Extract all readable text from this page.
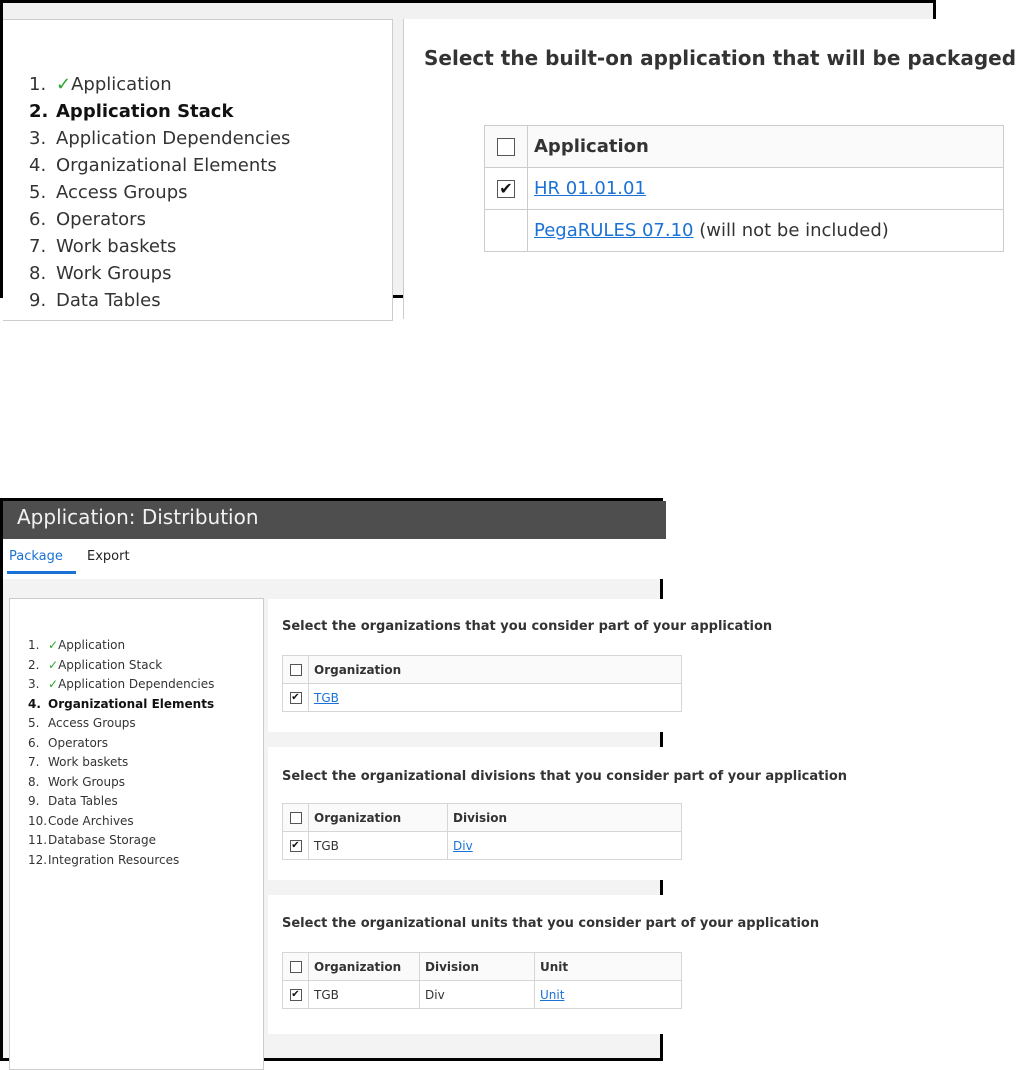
1. ✓Application
2. Application Stack
3. Application Dependencies
4. Organizational Elements
5. Access Groups
6. Operators
7. Work baskets
8. Work Groups
9. Data Tables
Select the built-on application that will be packaged
	Application
✔	HR 01.01.01
	PegaRULES 07.10 (will not be included)
Application: Distribution
Package Export
1. ✓Application
2. ✓Application Stack
3. ✓Application Dependencies
4. Organizational Elements
5. Access Groups
6. Operators
7. Work baskets
8. Work Groups
9. Data Tables
10.Code Archives
11.Database Storage
12.Integration Resources
Select the organizations that you consider part of your application
	Organization
✔	TGB
Select the organizational divisions that you consider part of your application
	Organization	Division
✔	TGB	Div
Select the organizational units that you consider part of your application
	Organization	Division	Unit
✔	TGB	Div	Unit
